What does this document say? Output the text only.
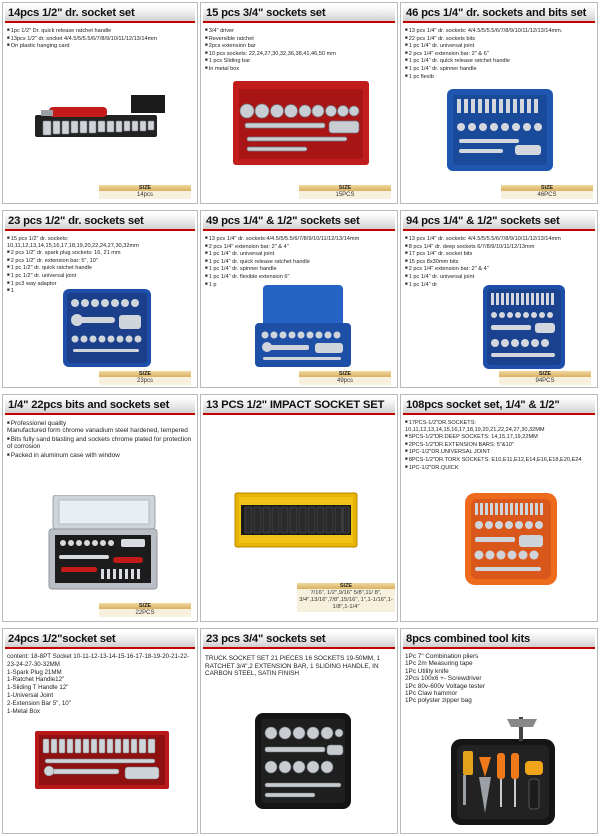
14pcs 1/2" dr. socket set
■ 1pc 1/2" Dr. quick release ratchet handle
■ 13pcs 1/2" dr. socket 4/4.5/5/5.5/6/7/8/9/10/11/12/13/14mm
■ On plastic hanging card
SIZE
14pcs
15 pcs 3/4" sockets set
■ 3/4" driver
■ Reversible ratchet
■ 2pcs extension bar
■ 10 pcs sockets: 22,24,27,30,32,36,38,41,46,50 mm
■ 1 pcs Sliding bar
■ In metal box
SIZE
15PCS
46 pcs 1/4" dr. sockets and bits set
■ 13 pcs 1/4" dr. sockets: 4/4.5/5/5.5/6/7/8/9/10/11/12/13/14mm.
■ 22 pcs 1/4" dr. sockets bits
■ 1 pc 1/4" dr. universal joint
■ 2 pcs 1/4" extension bar: 2" & 6"
■ 1 pc 1/4" dr. quick release ratchet handle
■ 1 pc 1/4" dr. spinner handle
■ 1 pc flexib
SIZE
46PCS
23 pcs 1/2" dr. sockets set
■ 15 pcs 1/2" dr. sockets: 10,11,12,13,14,15,16,17,18,19,20,22,24,27,30,32mm
■ 2 pcs 1/2" dr. spark plug sockets: 16, 21 mm
■ 2 pcs 1/2" dr. extension bar: 5", 10"
■ 1 pc 1/2" dr. quick ratchet handle
■ 1 pc 1/2" dr. universal joint
■ 1 pc3 way adaptor
■ 1
SIZE
23pcs
49 pcs 1/4" & 1/2" sockets set
■ 13 pcs 1/4" dr. sockets:4/4.5/5/5.5/6/7/8/9/10/11/12/13/14mm
■ 2 pcs 1/4" extension bar: 2" & 4"
■ 1 pc 1/4" dr. universal joint
■ 1 pc 1/4" dr. quick release ratchet handle
■ 1 pc 1/4" dr. spinner handle
■ 1 pc 1/4" dr. flexible extension 6"
■ 1 p
SIZE
49pcs
94 pcs 1/4" & 1/2" sockets set
■ 13 pcs 1/4" dr. sockets: 4/4.5/5/5.5/6/7/8/9/10/11/12/13/14mm
■ 8 pcs 1/4" dr. deep sockets 6/7/8/9/10/11/12/13mm
■ 17 pcs 1/4" dr. socket bits
■ 15 pcs 8x30mm bits
■ 2 pcs 1/4" extension bar: 2" & 4"
■ 1 pc 1/4" dr. universal joint
■ 1 pc 1/4" dr
SIZE
94PCS
1/4" 22pcs bits and sockets set
■ Professionel quality
Manufactured form chrome vanadium steel hardened, tempered
■ Bits fully sand blasting and sockets chrome plated for protection of corrosion
■ Packed in aluminum case with window
SIZE
22PCS
13 PCS 1/2" IMPACT SOCKET SET
SIZE
7/16", 1/2",9/16" 5/8",11/ 8", 3/4",13/16",7/8",15/16", 1",1-1/16",1-1/8",1-1/4"
108pcs socket set, 1/4" & 1/2"
■ 17PCS-1/2"DR.SOCKETS: 10,11,12,13,14,15,16,17,18,19,20,21,22,24,27,30,32MM
■ 5PCS-1/2"DR.DEEP SOCKETS: 14,15,17,19,22MM
■ 2PCS-1/2"DR.EXTENSION BARS: 5"&10"
■ 1PC-1/2"DR.UNIVERSAL JOINT
■ 8PCS-1/2"DR.TORX SOCKETS: E10,E11,E12,E14,E16,E18,E20,E24
■ 1PC-1/2"DR.QUICK
24pcs 1/2"socket set
content: 18-8PT Socket 10-11-12-13-14-15-16-17-18-19-20-21-22-23-24-27-30-32MM
1-Spark Plug 21MM
1-Ratchet Handle12"
1-Sliding T Handle 12"
1-Universal Joint
2-Extension Bar 5", 10"
1-Metal Box
23 pcs 3/4" sockets set
TRUCK SOCKET SET 21 PIECES 16 SOCKETS 19-50MM, 1 RATCHET 3/4",2 EXTENSION BAR, 1 SLIDING HANDLE, IN CARBON STEEL, SATIN FINISH
8pcs combined tool kits
1Pc 7" Combination pliers
1Pc 2m Measuring tape
1Pc Utility knife
2Pcs 100x6 +- Screwdriver
1Pc 80v-600v Voltage tester
1Pc Claw hammor
1Pc polyster zipper bag
